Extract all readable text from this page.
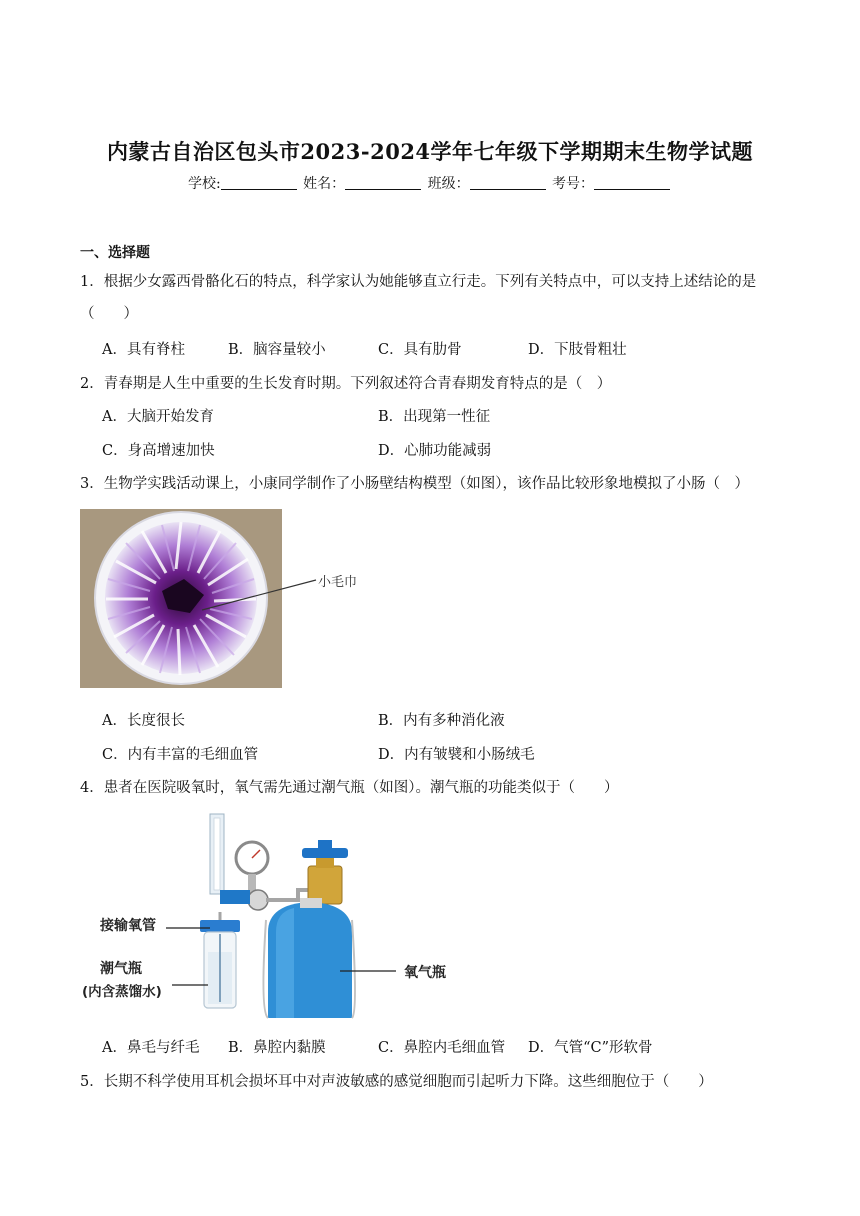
内蒙古自治区包头市2023-2024学年七年级下学期期末生物学试题
学校:	姓名：	班级：	考号：
一、选择题
1．根据少女露西骨骼化石的特点，科学家认为她能够直立行走。下列有关特点中，可以支持上述结论的是
（　　）
A．具有脊柱	B．脑容量较小	C．具有肋骨	D．下肢骨粗壮
2．青春期是人生中重要的生长发育时期。下列叙述符合青春期发育特点的是（　）
A．大脑开始发育	B．出现第一性征
C．身高增速加快	D．心肺功能减弱
3．生物学实践活动课上，小康同学制作了小肠壁结构模型（如图），该作品比较形象地模拟了小肠（　）
小毛巾
A．长度很长	B．内有多种消化液
C．内有丰富的毛细血管	D．内有皱襞和小肠绒毛
4．患者在医院吸氧时，氧气需先通过潮气瓶（如图）。潮气瓶的功能类似于（　　）
接输氧管
潮气瓶
(内含蒸馏水)
氧气瓶
A．鼻毛与纤毛 B．鼻腔内黏膜	C．鼻腔内毛细血管 D．气管“C”形软骨
5．长期不科学使用耳机会损坏耳中对声波敏感的感觉细胞而引起听力下降。这些细胞位于（　　）
